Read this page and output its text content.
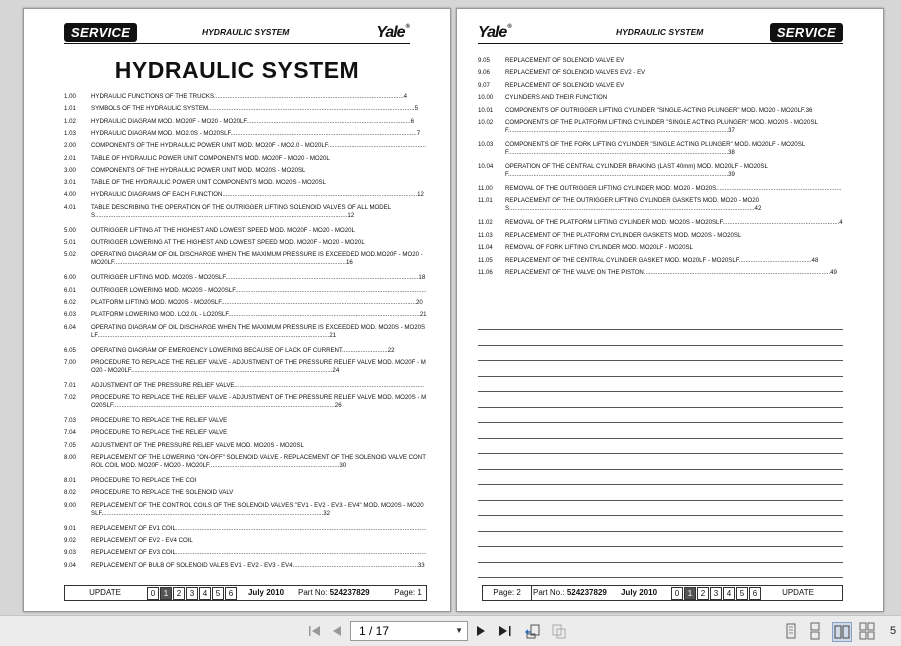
SERVICE	HYDRAULIC SYSTEM	Yale®
HYDRAULIC SYSTEM
1.00	HYDRAULIC FUNCTIONS OF THE TRUCKS................................................................................................................4
1.01	SYMBOLS OF THE HYDRAULIC SYSTEM..........................................................................................................................5
1.02	HYDRAULIC DIAGRAM MOD. MO20F - MO20 - MO20LF.................................................................................................6
1.03	HYDRAULIC DIAGRAM MOD. MO2.0S - MO20SLF..............................................................................................................7
2.00	COMPONENTS OF THE HYDRAULIC POWER UNIT MOD. MO20F - MO2.0 - MO20LF..........................................................
2.01	TABLE OF HYDRAULIC POWER UNIT COMPONENTS MOD. MO20F - MO20 - MO20L
3.00	COMPONENTS OF THE HYDRAULIC POWER UNIT MOD. MO20S - MO20SL
3.01	TABLE OF THE HYDRAULIC POWER UNIT COMPONENTS MOD. MO20S - MO20SL
4.00	HYDRAULIC DIAGRAMS OF EACH FUNCTION...................................................................................................................12
4.01	TABLE DESCRIBING THE OPERATION OF THE OUTRIGGER LIFTING SOLENOID VALVES OF ALL MODELS.....................................................................................................................................................12
5.00	OUTRIGGER LIFTING AT THE HIGHEST AND LOWEST SPEED MOD. MO20F - MO20 - MO20L
5.01	OUTRIGGER LOWERING AT THE HIGHEST AND LOWEST SPEED MOD. MO20F - MO20 - MO20L
5.02	OPERATING DIAGRAM OF OIL DISCHARGE WHEN THE MAXIMUM PRESSURE IS EXCEEDED MOD.MO20F - MO20 - MO20LF.........................................................................................................................................16
6.00	OUTRIGGER LIFTING MOD. MO20S - MO20SLF..................................................................................................................18
6.01	OUTRIGGER LOWERING MOD. MO20S - MO20SLF.................................................................................................................
6.02	PLATFORM LIFTING MOD. MO20S - MO20SLF...................................................................................................................20
6.03	PLATFORM LOWERING MOD. LO2.0L - LO20SLF.................................................................................................................21
6.04	OPERATING DIAGRAM OF OIL DISCHARGE WHEN THE MAXIMUM PRESSURE IS EXCEEDED MOD. MO20S - MO20SLF.........................................................................................................................................21
6.05	OPERATING DIAGRAM OF EMERGENCY LOWERING BECAUSE OF LACK OF CURRENT...........................22
7.00	PROCEDURE TO REPLACE THE RELIEF VALVE - ADJUSTMENT OF THE PRESSURE RELIEF VALVE MOD. MO20F - MO20 - MO20LF.......................................................................................................................24
7.01	ADJUSTMENT OF THE PRESSURE RELIEF VALVE................................................................................................................
7.02	PROCEDURE TO REPLACE THE RELIEF VALVE - ADJUSTMENT OF THE PRESSURE RELIEF VALVE MOD. MO20S - MO20SLF...................................................................................................................................26
7.03	PROCEDURE TO REPLACE THE RELIEF VALVE
7.04	PROCEDURE TO REPLACE THE RELIEF VALVE
7.05	ADJUSTMENT OF THE PRESSURE RELIEF VALVE MOD. MO20S - MO20SL
8.00	REPLACEMENT OF THE LOWERING "ON-OFF" SOLENOID VALVE - REPLACEMENT OF THE SOLENOID VALVE CONTROL COIL MOD. MO20F - MO20 - MO20LF.............................................................................30
8.01	PROCEDURE TO REPLACE THE COI
8.02	PROCEDURE TO REPLACE THE SOLENOID VALV
9.00	REPLACEMENT OF THE CONTROL COILS OF THE SOLENOID VALVES "EV1 - EV2 - EV3 - EV4" MOD. MO20S - MO20SLF...................................................................................................................................32
9.01	REPLACEMENT OF EV1 COIL....................................................................................................................................................
9.02	REPLACEMENT OF EV2 - EV4 COIL
9.03	REPLACEMENT OF EV3 COIL....................................................................................................................................................
9.04	REPLACEMENT OF BULB OF SOLENOID VALES EV1 - EV2 - EV3 - EV4..........................................................................33
UPDATE	0	1	2	3	4	5	6	July 2010	Part No: 524237829	Page: 1
Yale®	HYDRAULIC SYSTEM	SERVICE
9.05	REPLACEMENT OF SOLENOID VALVE EV
9.06	REPLACEMENT OF SOLENOID VALVES EV2 - EV
9.07	REPLACEMENT OF SOLENOID VALVE EV
10.00	CYLINDERS AND THEIR FUNCTION
10.01	COMPONENTS OF OUTRIGGER LIFTING CYLINDER "SINGLE-ACTING PLUNGER" MOD. MO20 - MO20LF.36
10.02	COMPONENTS OF THE PLATFORM LIFTING CYLINDER "SINGLE ACTING PLUNGER" MOD. MO20S - MO20SLF..................................................................................................................................37
10.03	COMPONENTS OF THE FORK LIFTING CYLINDER "SINGLE ACTING PLUNGER" MOD. MO20LF - MO20SLF..................................................................................................................................38
10.04	OPERATION OF THE CENTRAL CYLINDER BRAKING (LAST 40mm) MOD. MO20LF - MO20SLF..................................................................................................................................39
11.00	REMOVAL OF THE OUTRIGGER LIFTING CYLINDER MOD. MO20 - MO20S..........................................................................
11.01	REPLACEMENT OF THE OUTRIGGER LIFTING CYLINDER GASKETS MOD. MO20 - MO20S.................................................................................................................................................42
11.02	REMOVAL OF THE PLATFORM LIFTING CYLINDER MOD. MO20S - MO20SLF.....................................................................4
11.03	REPLACEMENT OF THE PLATFORM CYLINDER GASKETS MOD. MO20S - MO20SL
11.04	REMOVAL OF FORK LIFTING CYLINDER MOD. MO20LF - MO20SL
11.05	REPLACEMENT OF THE CENTRAL CYLINDER GASKET MOD. MO20LF - MO20SLF...........................................48
11.06	REPLACEMENT OF THE VALVE ON THE PISTON..............................................................................................................49
Page: 2	Part No.: 524237829	July 2010	0	1	2	3	4	5	6	UPDATE
1 / 17	▼	5
